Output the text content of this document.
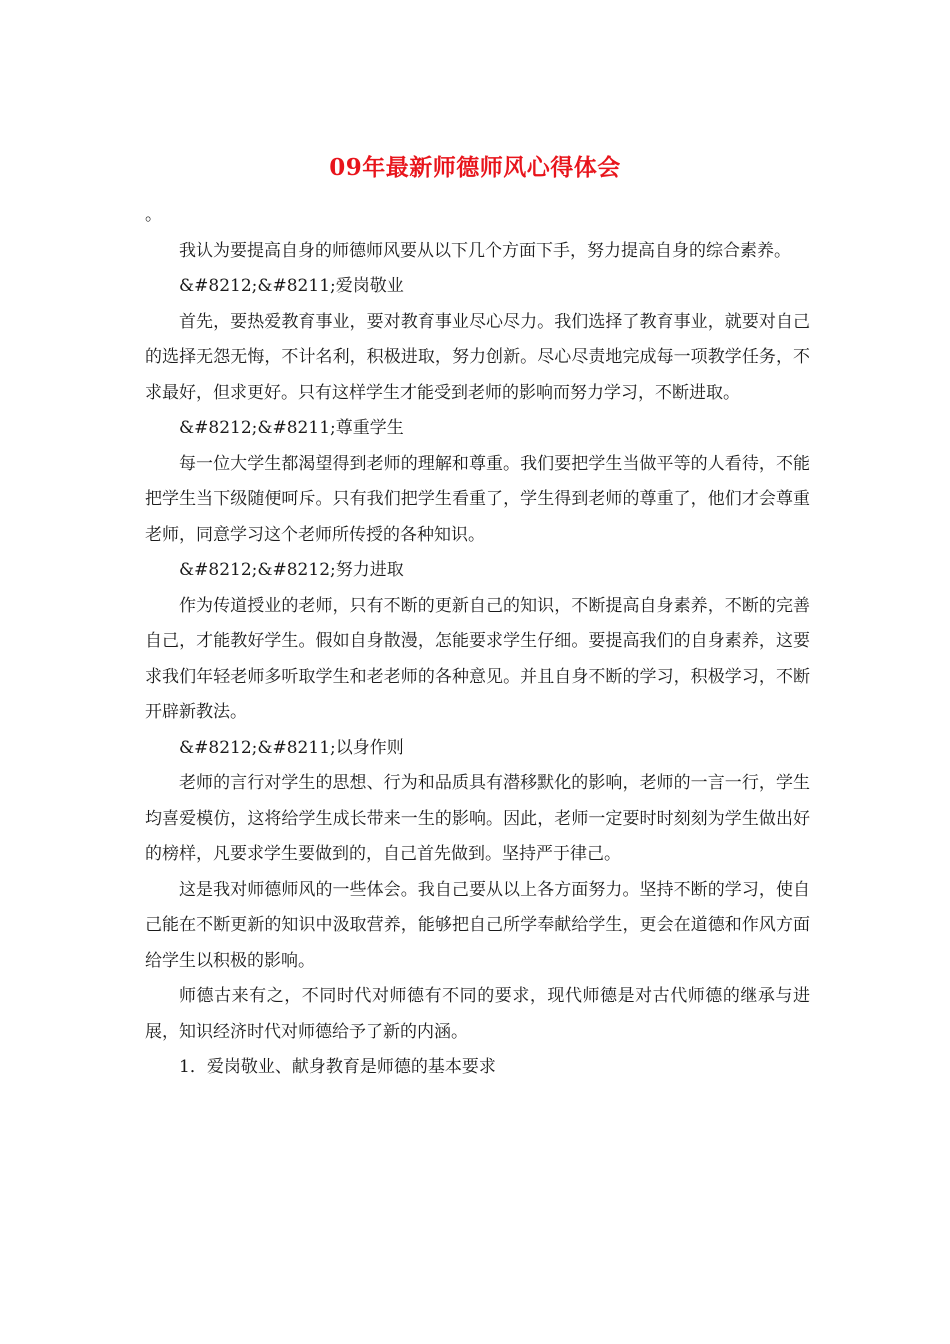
09年最新师德师风心得体会

。

我认为要提高自身的师德师风要从以下几个方面下手，努力提高自身的综合素养。

&#8212;&#8211;爱岗敬业

首先，要热爱教育事业，要对教育事业尽心尽力。我们选择了教育事业，就要对自己的选择无怨无悔，不计名利，积极进取，努力创新。尽心尽责地完成每一项教学任务，不求最好，但求更好。只有这样学生才能受到老师的影响而努力学习，不断进取。

&#8212;&#8211;尊重学生

每一位大学生都渴望得到老师的理解和尊重。我们要把学生当做平等的人看待，不能把学生当下级随便呵斥。只有我们把学生看重了，学生得到老师的尊重了，他们才会尊重老师，同意学习这个老师所传授的各种知识。

&#8212;&#8212;努力进取

作为传道授业的老师，只有不断的更新自己的知识，不断提高自身素养，不断的完善自己，才能教好学生。假如自身散漫，怎能要求学生仔细。要提高我们的自身素养，这要求我们年轻老师多听取学生和老老师的各种意见。并且自身不断的学习，积极学习，不断开辟新教法。

&#8212;&#8211;以身作则

老师的言行对学生的思想、行为和品质具有潜移默化的影响，老师的一言一行，学生均喜爱模仿，这将给学生成长带来一生的影响。因此，老师一定要时时刻刻为学生做出好的榜样，凡要求学生要做到的，自己首先做到。坚持严于律己。

这是我对师德师风的一些体会。我自己要从以上各方面努力。坚持不断的学习，使自己能在不断更新的知识中汲取营养，能够把自己所学奉献给学生，更会在道德和作风方面给学生以积极的影响。

师德古来有之，不同时代对师德有不同的要求，现代师德是对古代师德的继承与进展，知识经济时代对师德给予了新的内涵。

1．爱岗敬业、献身教育是师德的基本要求
